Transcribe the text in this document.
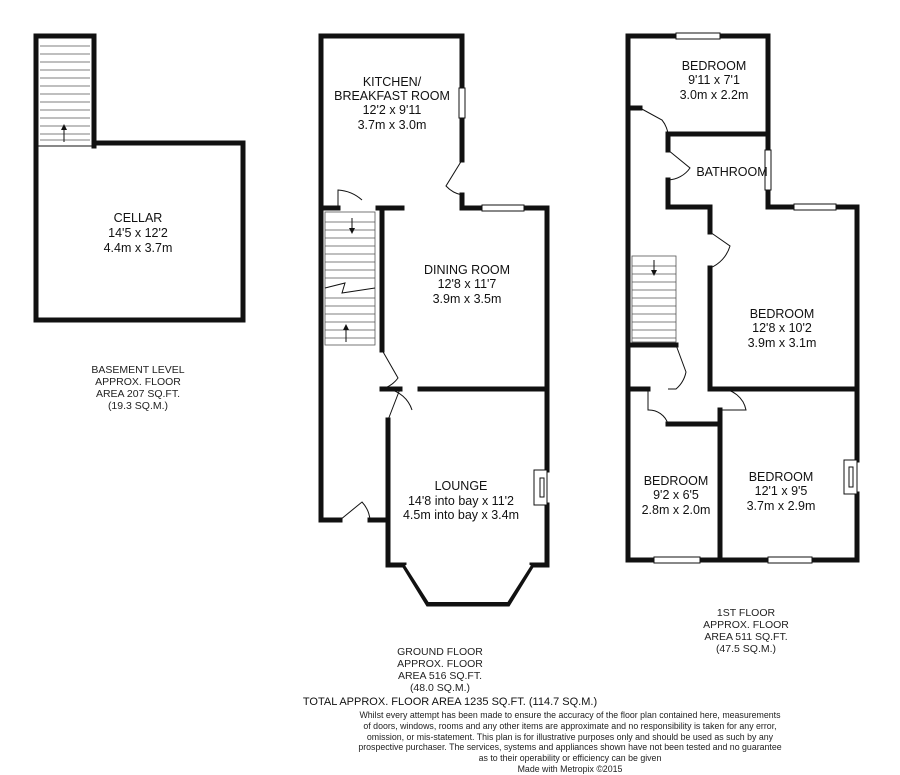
CELLAR
14'5 x 12'2
4.4m x 3.7m
KITCHEN/
BREAKFAST ROOM
12'2 x 9'11
3.7m x 3.0m
DINING ROOM
12'8 x 11'7
3.9m x 3.5m
LOUNGE
14'8 into bay x 11'2
4.5m into bay x 3.4m
BEDROOM
9'11 x 7'1
3.0m x 2.2m
BATHROOM
BEDROOM
12'8 x 10'2
3.9m x 3.1m
BEDROOM
9'2 x 6'5
2.8m x 2.0m
BEDROOM
12'1 x 9'5
3.7m x 2.9m
BASEMENT LEVEL
APPROX. FLOOR
AREA 207 SQ.FT.
(19.3 SQ.M.)
GROUND FLOOR
APPROX. FLOOR
AREA 516 SQ.FT.
(48.0 SQ.M.)
1ST FLOOR
APPROX. FLOOR
AREA 511 SQ.FT.
(47.5 SQ.M.)
TOTAL APPROX. FLOOR AREA 1235 SQ.FT. (114.7 SQ.M.)
Whilst every attempt has been made to ensure the accuracy of the floor plan contained here, measurements
of doors, windows, rooms and any other items are approximate and no responsibility is taken for any error,
omission, or mis-statement. This plan is for illustrative purposes only and should be used as such by any
prospective purchaser. The services, systems and appliances shown have not been tested and no guarantee
as to their operability or efficiency can be given
Made with Metropix ©2015
